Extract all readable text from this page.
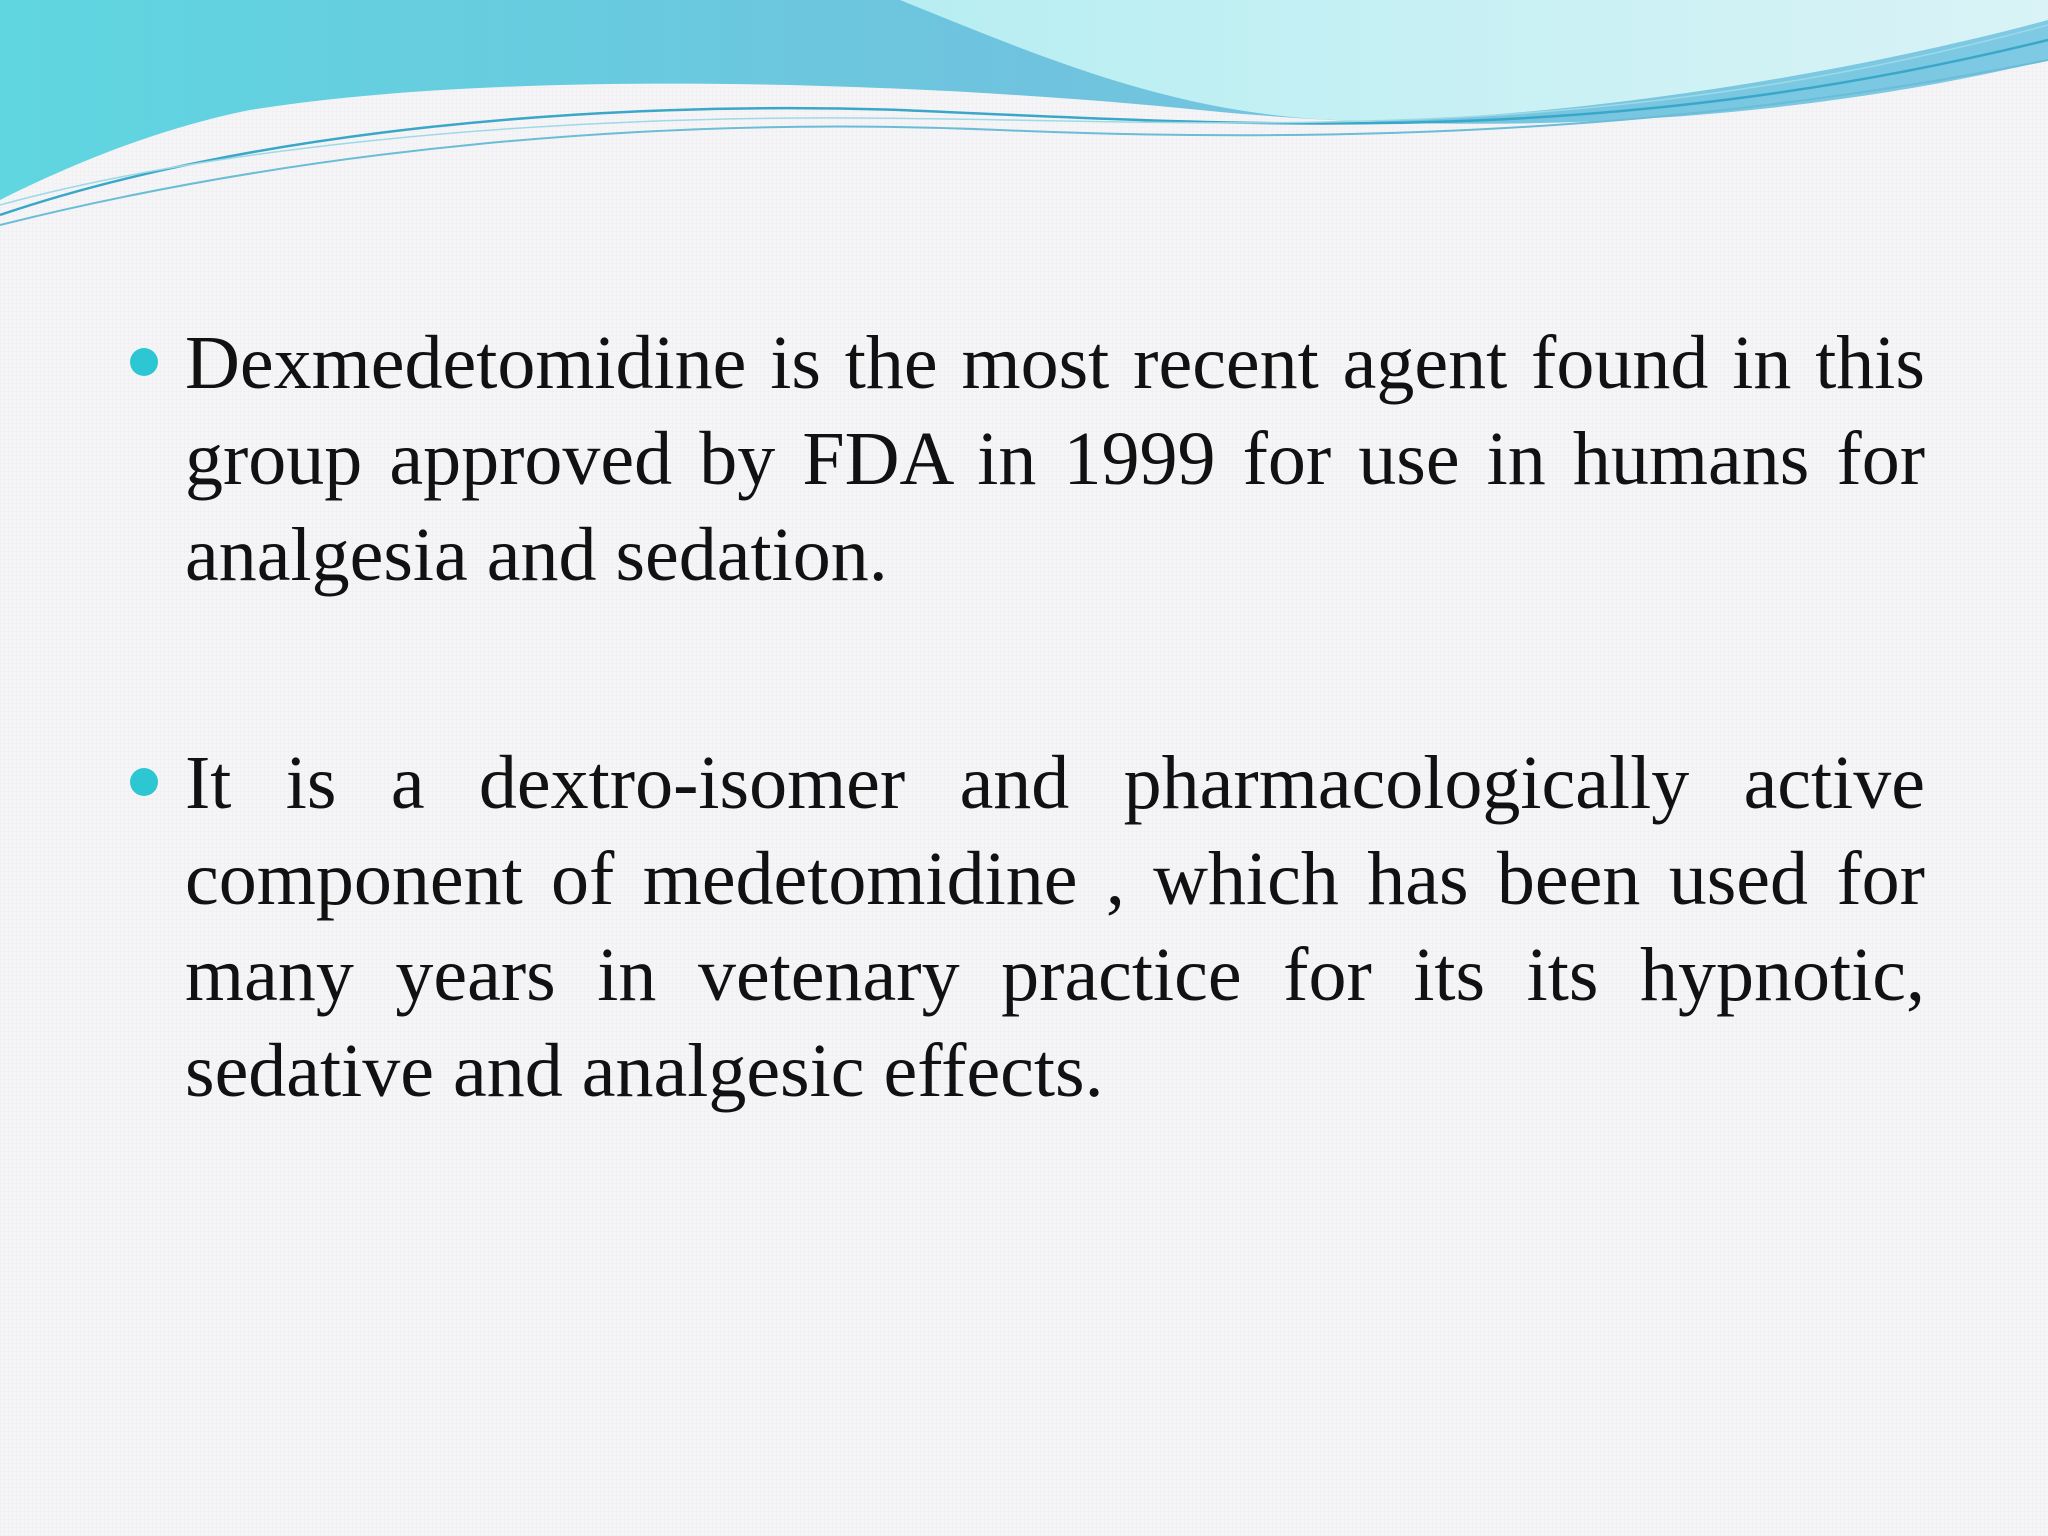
Dexmedetomidine is the most recent agent found in this group approved by FDA in 1999 for use in humans for analgesia and sedation.
It is a dextro-isomer and pharmacologically active component of medetomidine , which has been used for many years in vetenary practice for its its hypnotic, sedative and analgesic effects.
